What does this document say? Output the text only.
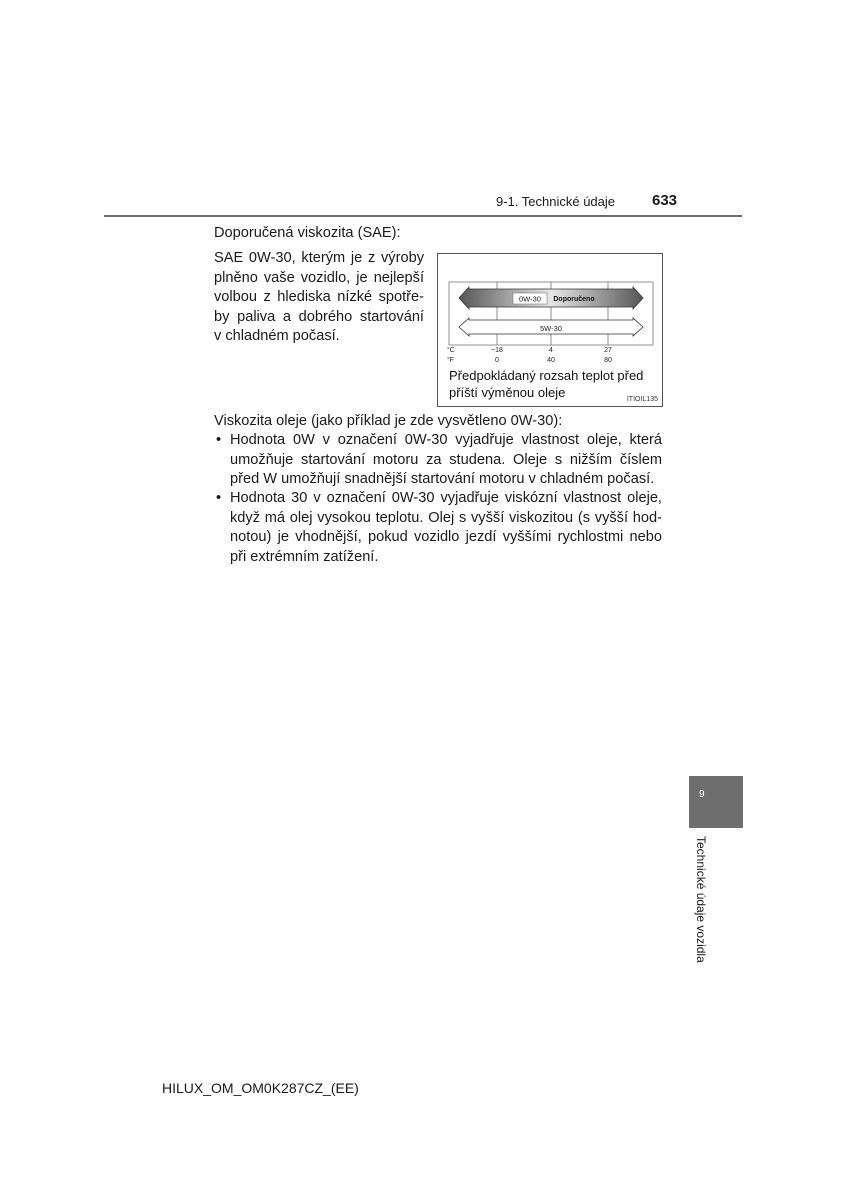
9-1. Technické údaje 633
Doporučená viskozita (SAE):
SAE 0W-30, kterým je z výroby
plněno vaše vozidlo, je nejlepší
volbou z hlediska nízké spotře-
by paliva a dobrého startování
v chladném počasí.
0W-30 Doporučeno
5W-30
°C
°F
−18	4	27
0	40	80
Předpokládaný rozsah teplot před
příští výměnou oleje	ITIOIL135
Viskozita oleje (jako příklad je zde vysvětleno 0W-30):
• Hodnota 0W v označení 0W-30 vyjadřuje vlastnost oleje, která
umožňuje startování motoru za studena. Oleje s nižším číslem
před W umožňují snadnější startování motoru v chladném počasí.
• Hodnota 30 v označení 0W-30 vyjadřuje viskózní vlastnost oleje,
když má olej vysokou teplotu. Olej s vyšší viskozitou (s vyšší hod-
notou) je vhodnější, pokud vozidlo jezdí vyššími rychlostmi nebo
při extrémním zatížení.
9
Technické údaje vozidla
HILUX_OM_OM0K287CZ_(EE)
